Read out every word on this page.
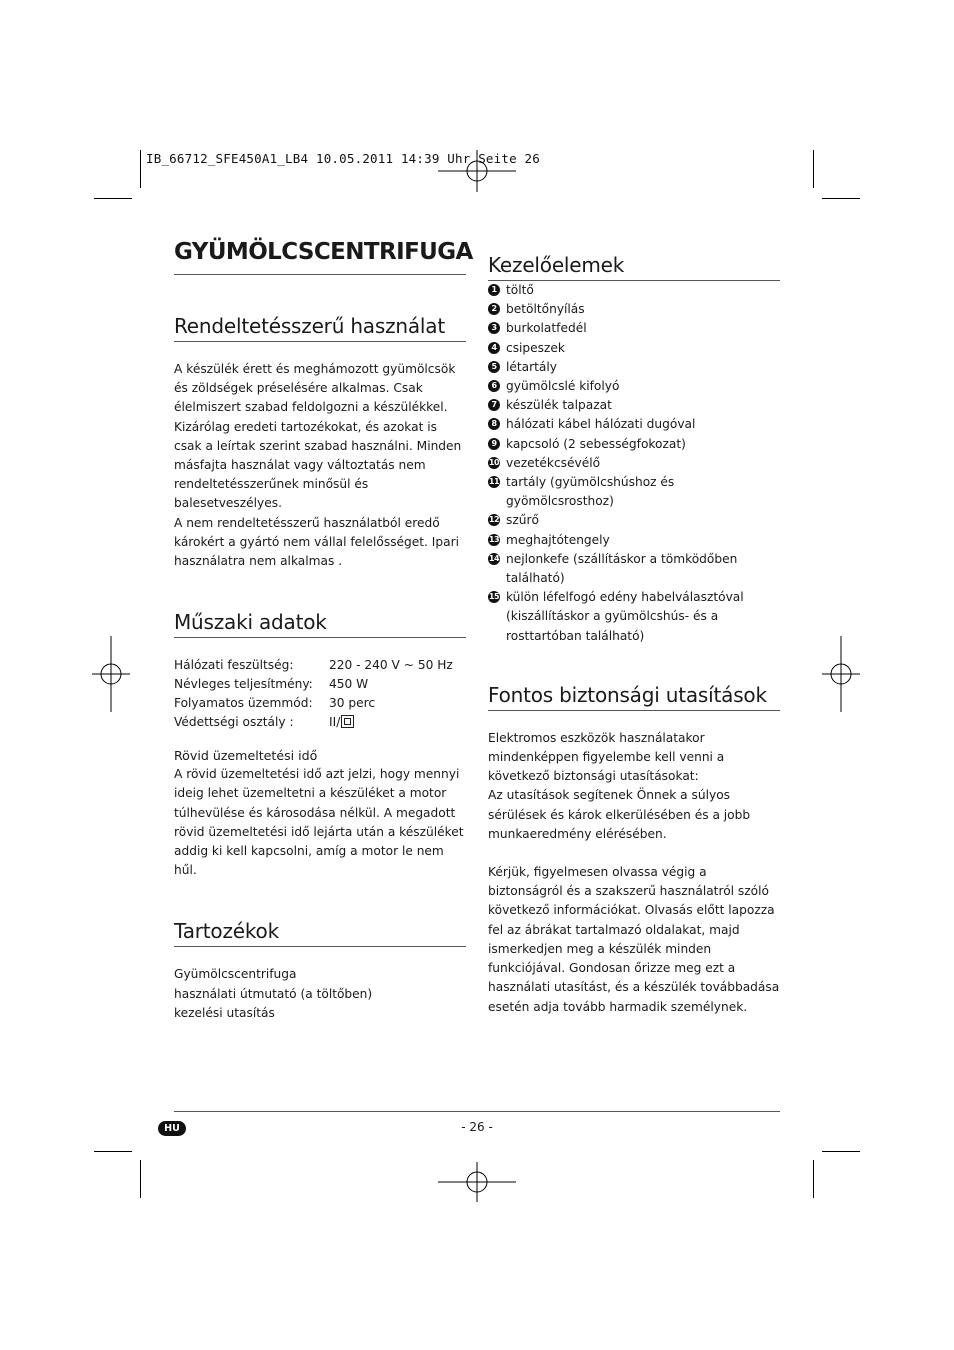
IB_66712_SFE450A1_LB4 10.05.2011 14:39 Uhr Seite 26
GYÜMÖLCSCENTRIFUGA
Rendeltetésszerű használat

A készülék érett és meghámozott gyümölcsök és zöldségek préselésére alkalmas. Csak élelmiszert szabad feldolgozni a készülékkel. Kizárólag eredeti tartozékokat, és azokat is csak a leírtak szerint szabad használni. Minden másfajta használat vagy változtatás nem rendeltetésszerűnek minősül és balesetveszélyes.

A nem rendeltetésszerű használatból eredő károkért a gyártó nem vállal felelősséget. Ipari használatra nem alkalmas .

Műszaki adatok
Hálózati feszültség:	220 - 240 V ~ 50 Hz
Névleges teljesítmény:	450 W
Folyamatos üzemmód:	30 perc
Védettségi osztály :	II/
Rövid üzemeltetési idő

A rövid üzemeltetési idő azt jelzi, hogy mennyi ideig lehet üzemeltetni a készüléket a motor túlhevülése és károsodása nélkül. A megadott rövid üzemeltetési idő lejárta után a készüléket addig ki kell kapcsolni, amíg a motor le nem hűl.

Tartozékok

Gyümölcscentrifuga

használati útmutató (a töltőben)

kezelési utasítás

Kezelőelemek
1 töltő
2 betöltőnyílás
3 burkolatfedél
4 csipeszek
5 létartály
6 gyümölcslé kifolyó
7 készülék talpazat
8 hálózati kábel hálózati dugóval
9 kapcsoló (2 sebességfokozat)
10 vezetékcsévélő
11 tartály (gyümölcshúshoz és gyömölcsrosthoz)
12 szűrő
13 meghajtótengely
14 nejlonkefe (szállításkor a tömködőben található)
15 külön léfelfogó edény habelválasztóval (kiszállításkor a gyümölcshús- és a rosttartóban található)
Fontos biztonsági utasítások

Elektromos eszközök használatakor mindenképpen figyelembe kell venni a következő biztonsági utasításokat:

Az utasítások segítenek Önnek a súlyos sérülések és károk elkerülésében és a jobb munkaeredmény elérésében.

Kérjük, figyelmesen olvassa végig a biztonságról és a szakszerű használatról szóló következő információkat. Olvasás előtt lapozza fel az ábrákat tartalmazó oldalakat, majd ismerkedjen meg a készülék minden funkciójával. Gondosan őrizze meg ezt a használati utasítást, és a készülék továbbadása esetén adja tovább harmadik személynek.

HU	- 26 -
